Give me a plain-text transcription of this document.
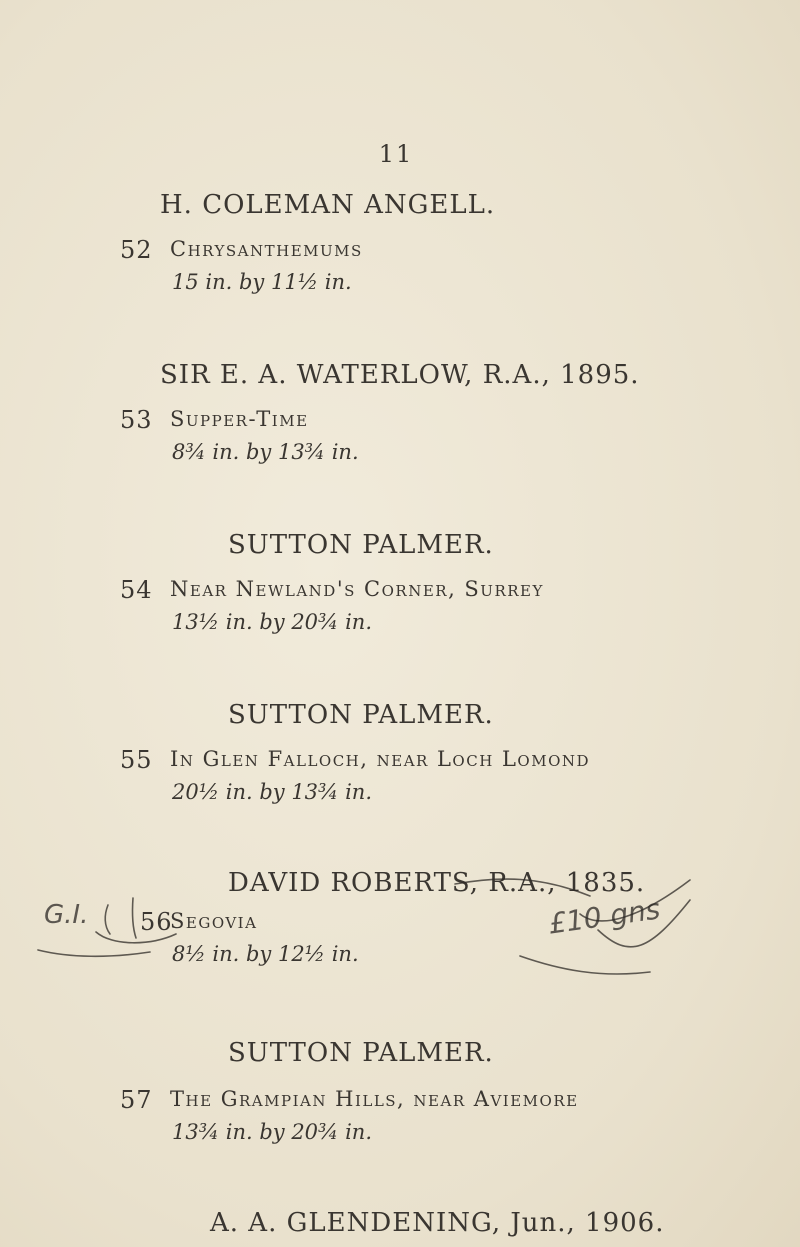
11
H. COLEMAN ANGELL.
52 Chrysanthemums
15 in. by 11½ in.
SIR E. A. WATERLOW, R.A., 1895.
53 Supper-Time
8¾ in. by 13¾ in.
SUTTON PALMER.
54 Near Newland's Corner, Surrey
13½ in. by 20¾ in.
SUTTON PALMER.
55 In Glen Falloch, near Loch Lomond
20½ in. by 13¾ in.
DAVID ROBERTS, R.A., 1835.
56
Segovia
8½ in. by 12½ in.
SUTTON PALMER.
57 The Grampian Hills, near Aviemore
13¾ in. by 20¾ in.
A. A. GLENDENING, Jun., 1906.
G.I.	£10 gns
